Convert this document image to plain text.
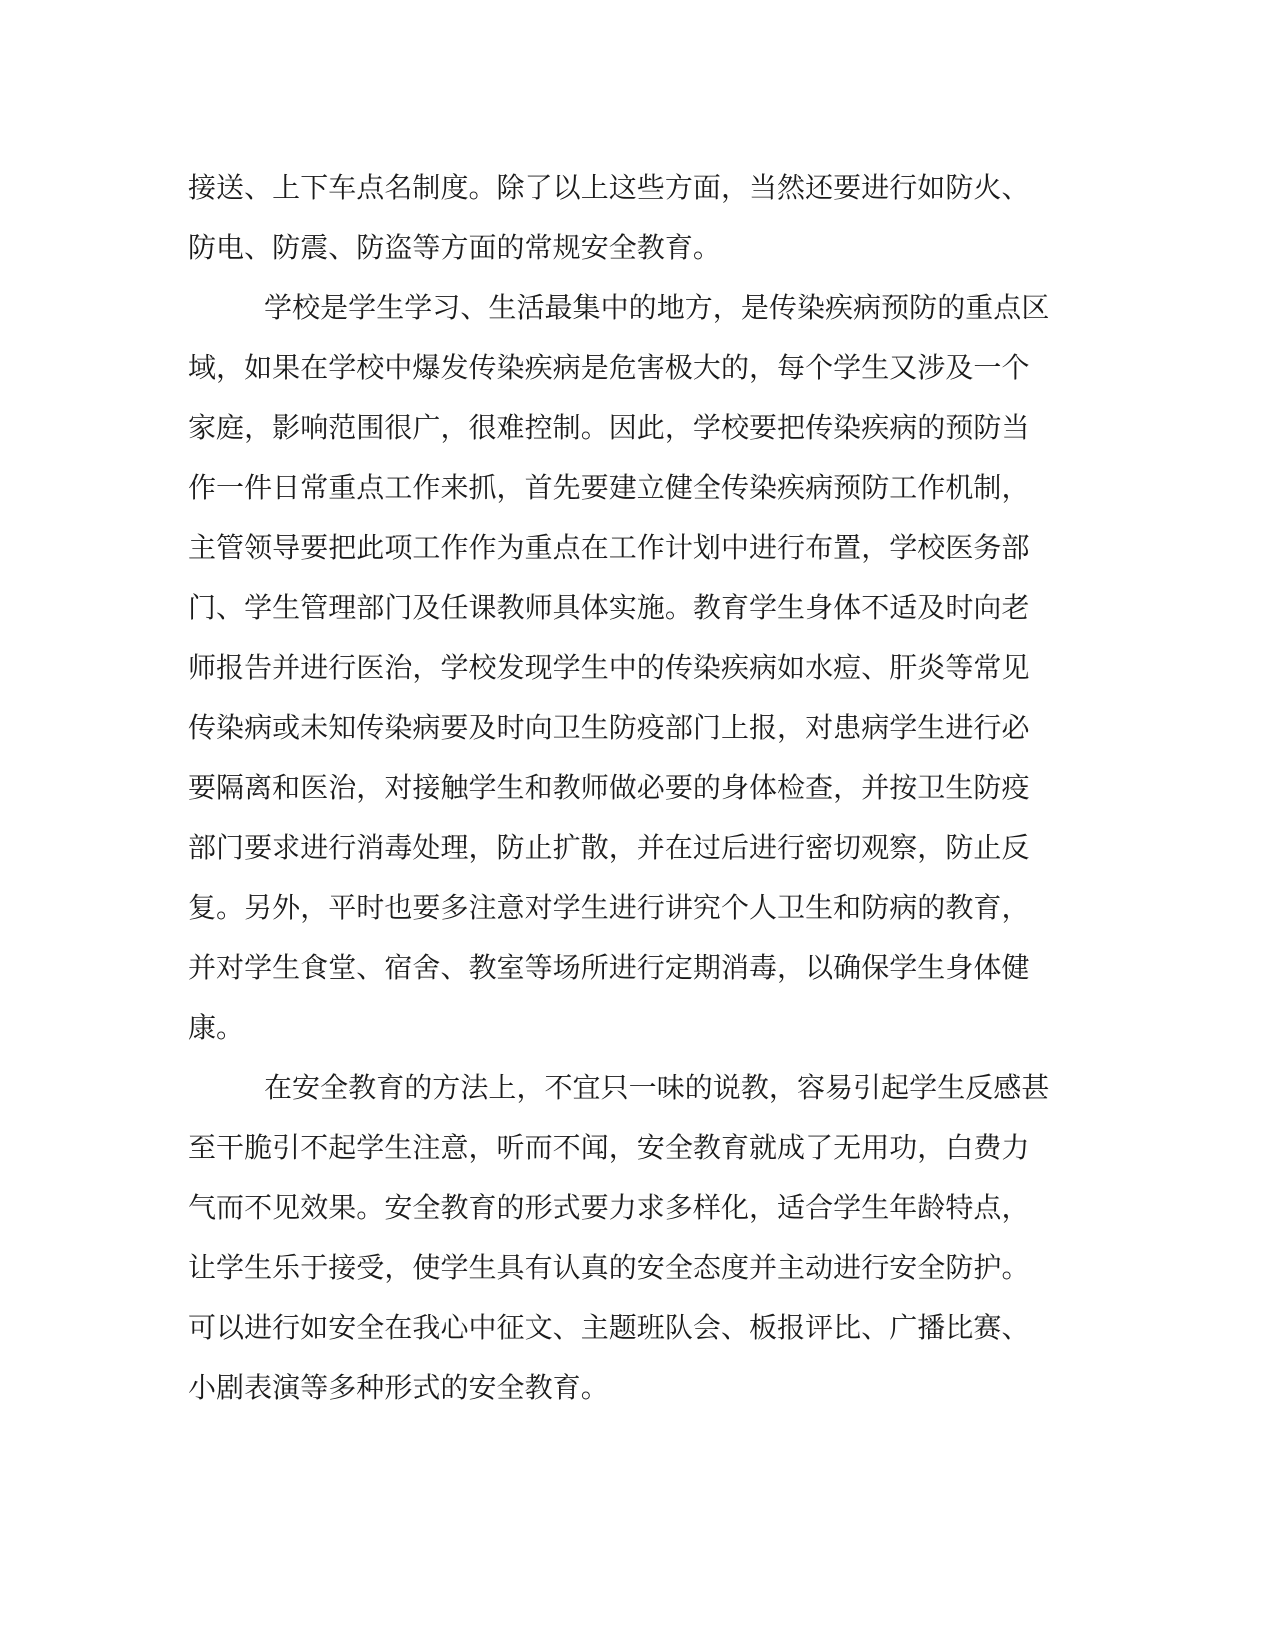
接送、上下车点名制度。除了以上这些方面，当然还要进行如防火、
防电、防震、防盗等方面的常规安全教育。
学校是学生学习、生活最集中的地方，是传染疾病预防的重点区
域，如果在学校中爆发传染疾病是危害极大的，每个学生又涉及一个
家庭，影响范围很广，很难控制。因此，学校要把传染疾病的预防当
作一件日常重点工作来抓，首先要建立健全传染疾病预防工作机制，
主管领导要把此项工作作为重点在工作计划中进行布置，学校医务部
门、学生管理部门及任课教师具体实施。教育学生身体不适及时向老
师报告并进行医治，学校发现学生中的传染疾病如水痘、肝炎等常见
传染病或未知传染病要及时向卫生防疫部门上报，对患病学生进行必
要隔离和医治，对接触学生和教师做必要的身体检查，并按卫生防疫
部门要求进行消毒处理，防止扩散，并在过后进行密切观察，防止反
复。另外，平时也要多注意对学生进行讲究个人卫生和防病的教育，
并对学生食堂、宿舍、教室等场所进行定期消毒，以确保学生身体健
康。
在安全教育的方法上，不宜只一味的说教，容易引起学生反感甚
至干脆引不起学生注意，听而不闻，安全教育就成了无用功，白费力
气而不见效果。安全教育的形式要力求多样化，适合学生年龄特点，
让学生乐于接受，使学生具有认真的安全态度并主动进行安全防护。
可以进行如安全在我心中征文、主题班队会、板报评比、广播比赛、
小剧表演等多种形式的安全教育。
